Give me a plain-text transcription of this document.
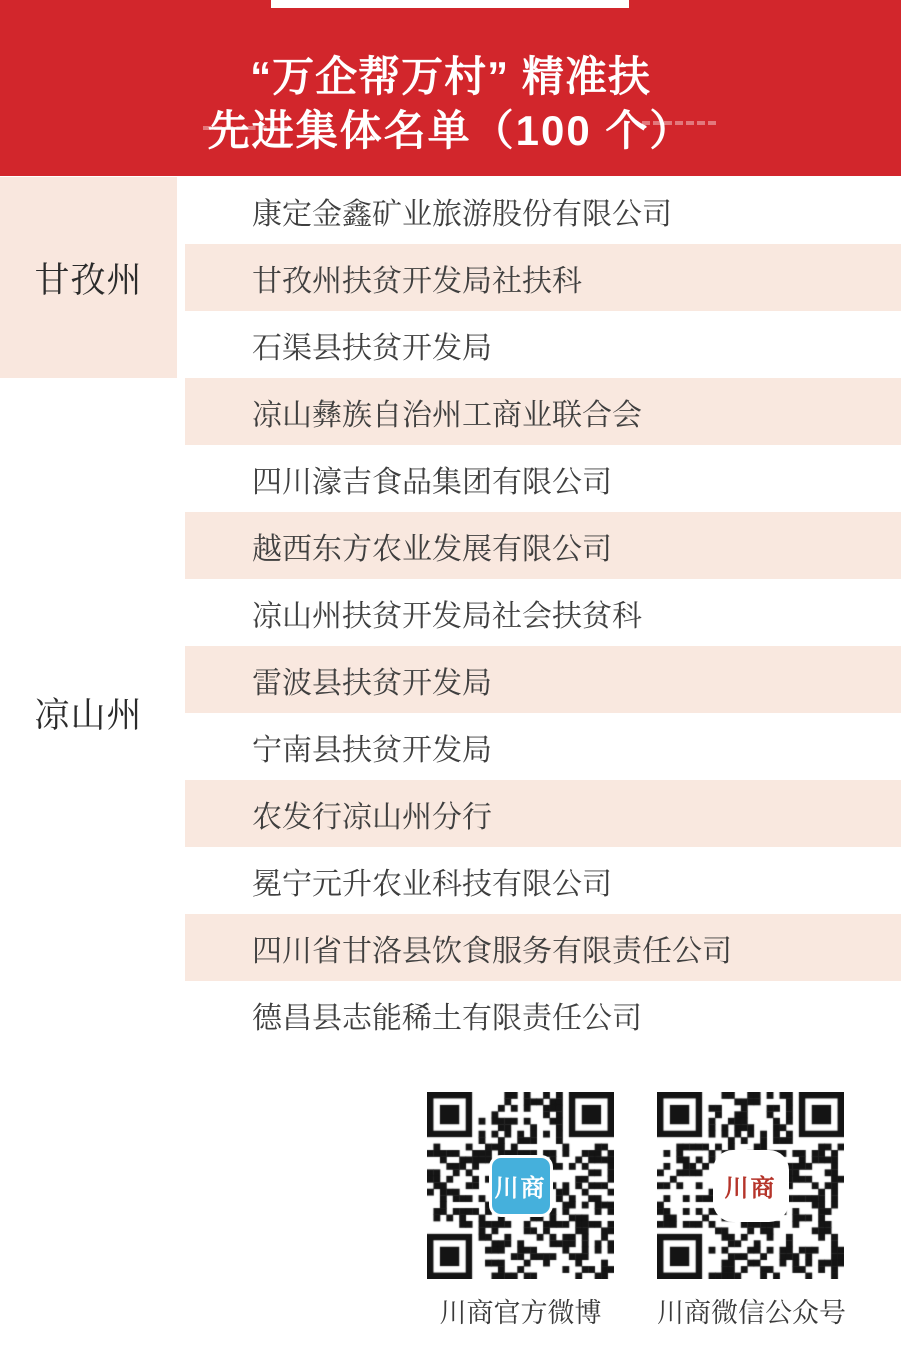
“万企帮万村” 精准扶
先进集体名单（100 个）
甘孜州
凉山州
康定金鑫矿业旅游股份有限公司
甘孜州扶贫开发局社扶科
石渠县扶贫开发局
凉山彝族自治州工商业联合会
四川濠吉食品集团有限公司
越西东方农业发展有限公司
凉山州扶贫开发局社会扶贫科
雷波县扶贫开发局
宁南县扶贫开发局
农发行凉山州分行
冕宁元升农业科技有限公司
四川省甘洛县饮食服务有限责任公司
德昌县志能稀土有限责任公司
川商
川商官方微博
川商
川商微信公众号
